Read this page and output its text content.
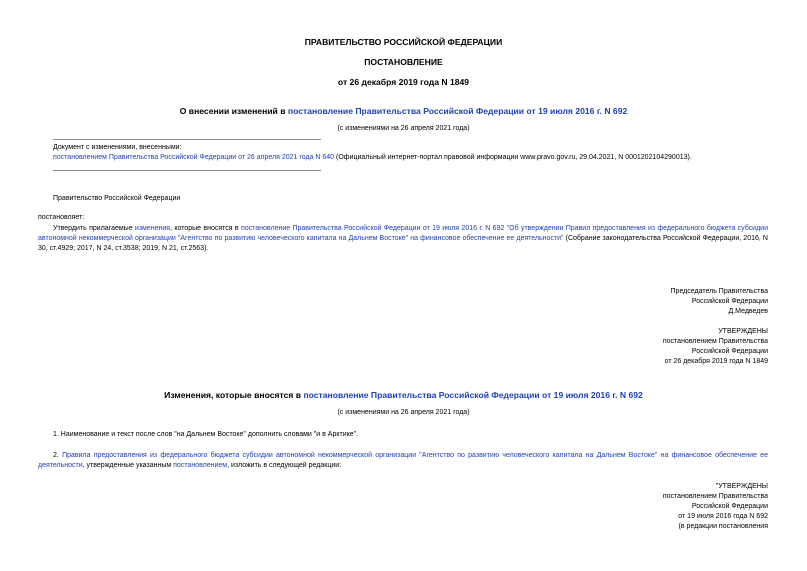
ПРАВИТЕЛЬСТВО РОССИЙСКОЙ ФЕДЕРАЦИИ
ПОСТАНОВЛЕНИЕ
от 26 декабря 2019 года N 1849
О внесении изменений в постановление Правительства Российской Федерации от 19 июля 2016 г. N 692
(с изменениями на 26 апреля 2021 года)

Документ с изменениями, внесенными:

постановлением Правительства Российской Федерации от 26 апреля 2021 года N 640 (Официальный интернет-портал правовой информации www.pravo.gov.ru, 29.04.2021, N 0001202104290013).

Правительство Российской Федерации
постановляет:
Утвердить прилагаемые изменения, которые вносятся в постановление Правительства Российской Федерации от 19 июля 2016 г. N 692 "Об утверждении Правил предоставления из федерального бюджета субсидии автономной некоммерческой организации "Агентство по развитию человеческого капитала на Дальнем Востоке" на финансовое обеспечение ее деятельности" (Собрание законодательства Российской Федерации, 2016, N 30, ст.4929; 2017, N 24, ст.3538; 2019, N 21, ст.2563).

Председатель Правительства

Российской Федерации

Д.Медведев

УТВЕРЖДЕНЫ

постановлением Правительства

Российской Федерации

от 26 декабря 2019 года N 1849

Изменения, которые вносятся в постановление Правительства Российской Федерации от 19 июля 2016 г. N 692
(с изменениями на 26 апреля 2021 года)
1. Наименование и текст после слов "на Дальнем Востоке" дополнить словами "и в Арктике".
2. Правила предоставления из федерального бюджета субсидии автономной некоммерческой организации "Агентство по развитию человеческого капитала на Дальнем Востоке" на финансовое обеспечение ее деятельности, утвержденные указанным постановлением, изложить в следующей редакции:

"УТВЕРЖДЕНЫ

постановлением Правительства

Российской Федерации

от 19 июля 2016 года N 692

(в редакции постановления
